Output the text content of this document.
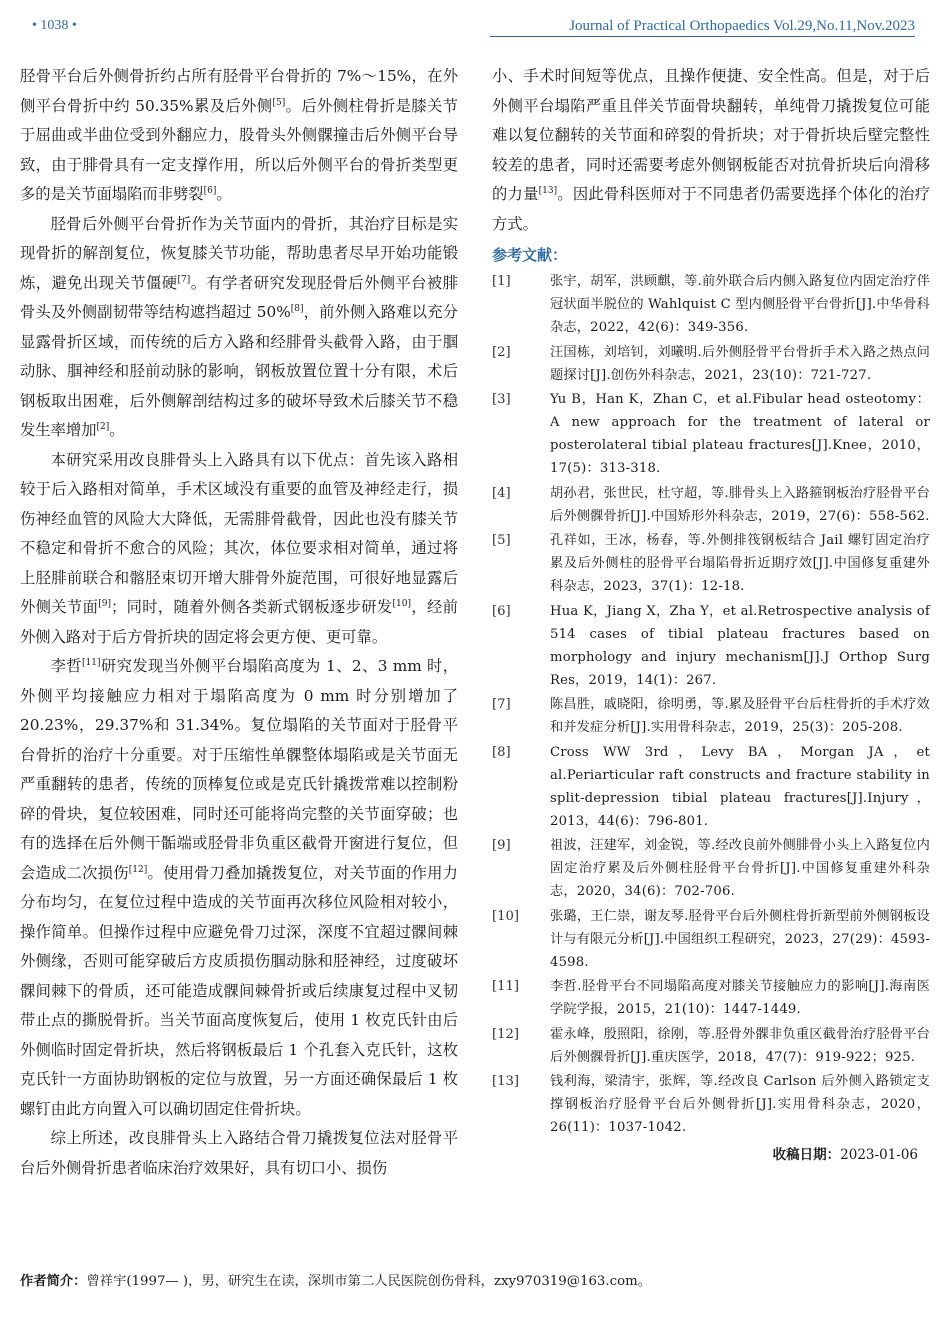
• 1038 •	Journal of Practical Orthopaedics Vol.29,No.11,Nov.2023

胫骨平台后外侧骨折约占所有胫骨平台骨折的 7%～15%，在外侧平台骨折中约 50.35%累及后外侧[5]。后外侧柱骨折是膝关节于屈曲或半曲位受到外翻应力，股骨头外侧髁撞击后外侧平台导致，由于腓骨具有一定支撑作用，所以后外侧平台的骨折类型更多的是关节面塌陷而非劈裂[6]。

胫骨后外侧平台骨折作为关节面内的骨折，其治疗目标是实现骨折的解剖复位，恢复膝关节功能，帮助患者尽早开始功能锻炼，避免出现关节僵硬[7]。有学者研究发现胫骨后外侧平台被腓骨头及外侧副韧带等结构遮挡超过 50%[8]，前外侧入路难以充分显露骨折区域，而传统的后方入路和经腓骨头截骨入路，由于腘动脉、腘神经和胫前动脉的影响，钢板放置位置十分有限，术后钢板取出困难，后外侧解剖结构过多的破坏导致术后膝关节不稳发生率增加[2]。

本研究采用改良腓骨头上入路具有以下优点：首先该入路相较于后入路相对简单，手术区域没有重要的血管及神经走行，损伤神经血管的风险大大降低，无需腓骨截骨，因此也没有膝关节不稳定和骨折不愈合的风险；其次，体位要求相对简单，通过将上胫腓前联合和髂胫束切开增大腓骨外旋范围，可很好地显露后外侧关节面[9]；同时，随着外侧各类新式钢板逐步研发[10]，经前外侧入路对于后方骨折块的固定将会更方便、更可靠。

李哲[11]研究发现当外侧平台塌陷高度为 1、2、3 mm 时，外侧平均接触应力相对于塌陷高度为 0 mm 时分别增加了 20.23%，29.37%和 31.34%。复位塌陷的关节面对于胫骨平台骨折的治疗十分重要。对于压缩性单髁整体塌陷或是关节面无严重翻转的患者，传统的顶棒复位或是克氏针撬拨常难以控制粉碎的骨块，复位较困难，同时还可能将尚完整的关节面穿破；也有的选择在后外侧干骺端或胫骨非负重区截骨开窗进行复位，但会造成二次损伤[12]。使用骨刀叠加撬拨复位，对关节面的作用力分布均匀，在复位过程中造成的关节面再次移位风险相对较小，操作简单。但操作过程中应避免骨刀过深，深度不宜超过髁间棘外侧缘，否则可能穿破后方皮质损伤腘动脉和胫神经，过度破坏髁间棘下的骨质，还可能造成髁间棘骨折或后续康复过程中叉韧带止点的撕脱骨折。当关节面高度恢复后，使用 1 枚克氏针由后外侧临时固定骨折块，然后将钢板最后 1 个孔套入克氏针，这枚克氏针一方面协助钢板的定位与放置，另一方面还确保最后 1 枚螺钉由此方向置入可以确切固定住骨折块。

综上所述，改良腓骨头上入路结合骨刀撬拨复位法对胫骨平台后外侧骨折患者临床治疗效果好，具有切口小、损伤

小、手术时间短等优点，且操作便捷、安全性高。但是，对于后外侧平台塌陷严重且伴关节面骨块翻转，单纯骨刀撬拨复位可能难以复位翻转的关节面和碎裂的骨折块；对于骨折块后壁完整性较差的患者，同时还需要考虑外侧钢板能否对抗骨折块后向滑移的力量[13]。因此骨科医师对于不同患者仍需要选择个体化的治疗方式。

参考文献：
[1]	张宇，胡军，洪顾麒，等.前外联合后内侧入路复位内固定治疗伴冠状面半脱位的 Wahlquist C 型内侧胫骨平台骨折[J].中华骨科杂志，2022，42(6)：349-356.
[2]	汪国栋，刘培钊，刘曦明.后外侧胫骨平台骨折手术入路之热点问题探讨[J].创伤外科杂志，2021，23(10)：721-727.
[3]	Yu B，Han K，Zhan C，et al.Fibular head osteotomy：A new approach for the treatment of lateral or posterolateral tibial plateau fractures[J].Knee，2010，17(5)：313-318.
[4]	胡孙君，张世民，杜守超，等.腓骨头上入路箍钢板治疗胫骨平台后外侧髁骨折[J].中国矫形外科杂志，2019，27(6)：558-562.
[5]	孔祥如，王冰，杨春，等.外侧排筏钢板结合 Jail 螺钉固定治疗累及后外侧柱的胫骨平台塌陷骨折近期疗效[J].中国修复重建外科杂志，2023，37(1)：12-18.
[6]	Hua K，Jiang X，Zha Y，et al.Retrospective analysis of 514 cases of tibial plateau fractures based on morphology and injury mechanism[J].J Orthop Surg Res，2019，14(1)：267.
[7]	陈昌胜，戚晓阳，徐明勇，等.累及胫骨平台后柱骨折的手术疗效和并发症分析[J].实用骨科杂志，2019，25(3)：205-208.
[8]	Cross WW 3rd，Levy BA，Morgan JA，et al.Periarticular raft constructs and fracture stability in split-depression tibial plateau fractures[J].Injury，2013，44(6)：796-801.
[9]	祖波，汪建军，刘金锐，等.经改良前外侧腓骨小头上入路复位内固定治疗累及后外侧柱胫骨平台骨折[J].中国修复重建外科杂志，2020，34(6)：702-706.
[10]	张璐，王仁崇，谢友琴.胫骨平台后外侧柱骨折新型前外侧钢板设计与有限元分析[J].中国组织工程研究，2023，27(29)：4593-4598.
[11]	李哲.胫骨平台不同塌陷高度对膝关节接触应力的影响[J].海南医学院学报，2015，21(10)：1447-1449.
[12]	霍永峰，殷照阳，徐刚，等.胫骨外髁非负重区截骨治疗胫骨平台后外侧髁骨折[J].重庆医学，2018，47(7)：919-922；925.
[13]	钱利海，梁清宇，张辉，等.经改良 Carlson 后外侧入路锁定支撑钢板治疗胫骨平台后外侧骨折[J].实用骨科杂志，2020，26(11)：1037-1042.
收稿日期：2023-01-06
作者简介：曾祥宇(1997— )，男，研究生在读，深圳市第二人民医院创伤骨科，zxy970319@163.com。
